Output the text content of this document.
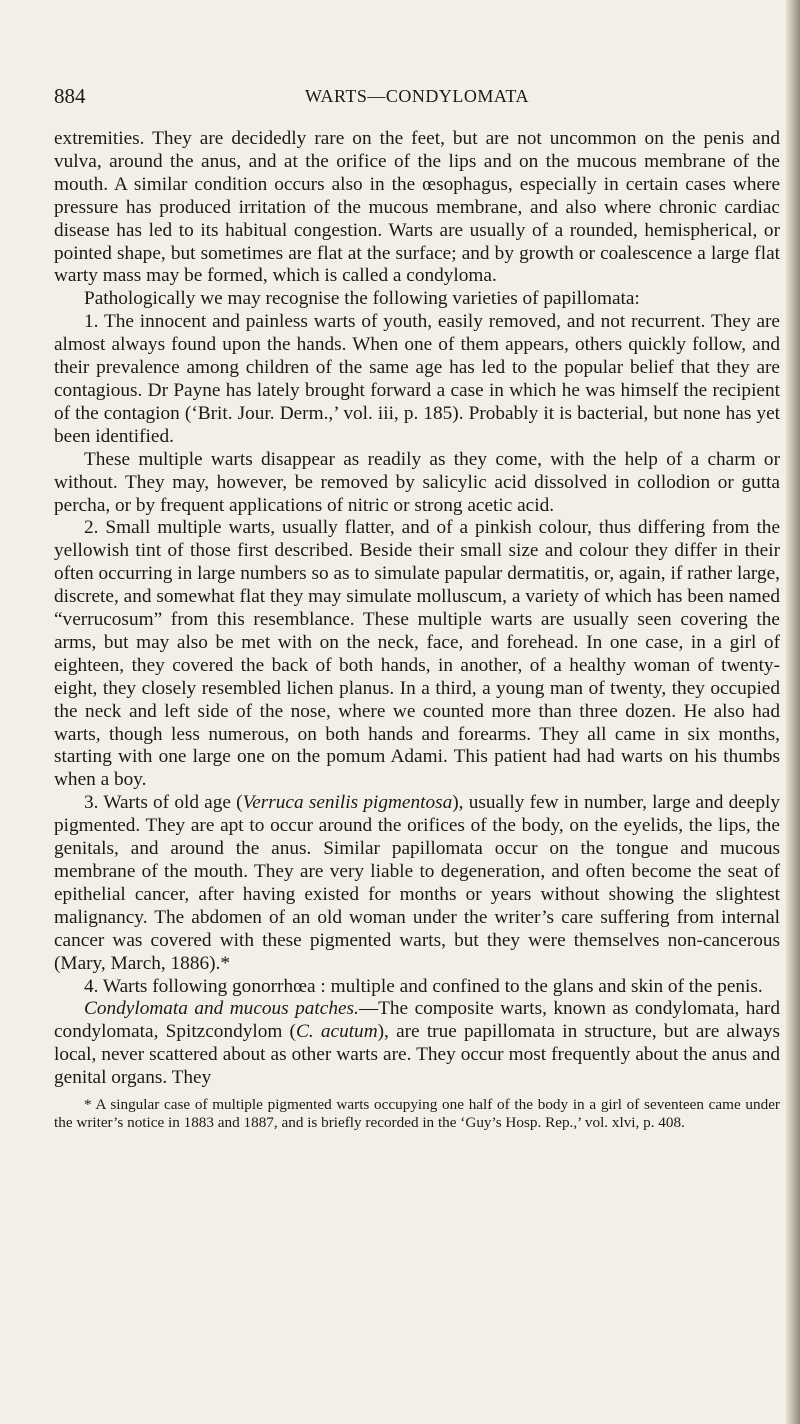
884	WARTS—CONDYLOMATA

extremities. They are decidedly rare on the feet, but are not uncommon on the penis and vulva, around the anus, and at the orifice of the lips and on the mucous membrane of the mouth. A similar condition occurs also in the œsophagus, especially in certain cases where pressure has produced irritation of the mucous membrane, and also where chronic cardiac disease has led to its habitual congestion. Warts are usually of a rounded, hemispherical, or pointed shape, but sometimes are flat at the surface; and by growth or coalescence a large flat warty mass may be formed, which is called a condyloma.

Pathologically we may recognise the following varieties of papillomata:

1. The innocent and painless warts of youth, easily removed, and not recurrent. They are almost always found upon the hands. When one of them appears, others quickly follow, and their prevalence among children of the same age has led to the popular belief that they are contagious. Dr Payne has lately brought forward a case in which he was himself the recipient of the contagion (‘Brit. Jour. Derm.,’ vol. iii, p. 185). Probably it is bacterial, but none has yet been identified.

These multiple warts disappear as readily as they come, with the help of a charm or without. They may, however, be removed by salicylic acid dissolved in collodion or gutta percha, or by frequent applications of nitric or strong acetic acid.

2. Small multiple warts, usually flatter, and of a pinkish colour, thus differing from the yellowish tint of those first described. Beside their small size and colour they differ in their often occurring in large numbers so as to simulate papular dermatitis, or, again, if rather large, discrete, and somewhat flat they may simulate molluscum, a variety of which has been named “verrucosum” from this resemblance. These multiple warts are usually seen covering the arms, but may also be met with on the neck, face, and forehead. In one case, in a girl of eighteen, they covered the back of both hands, in another, of a healthy woman of twenty-eight, they closely resembled lichen planus. In a third, a young man of twenty, they occupied the neck and left side of the nose, where we counted more than three dozen. He also had warts, though less numerous, on both hands and forearms. They all came in six months, starting with one large one on the pomum Adami. This patient had had warts on his thumbs when a boy.

3. Warts of old age (Verruca senilis pigmentosa), usually few in number, large and deeply pigmented. They are apt to occur around the orifices of the body, on the eyelids, the lips, the genitals, and around the anus. Similar papillomata occur on the tongue and mucous membrane of the mouth. They are very liable to degeneration, and often become the seat of epithelial cancer, after having existed for months or years without showing the slightest malignancy. The abdomen of an old woman under the writer’s care suffering from internal cancer was covered with these pigmented warts, but they were themselves non-cancerous (Mary, March, 1886).*

4. Warts following gonorrhœa : multiple and confined to the glans and skin of the penis.

Condylomata and mucous patches.—The composite warts, known as condylomata, hard condylomata, Spitzcondylom (C. acutum), are true papillomata in structure, but are always local, never scattered about as other warts are. They occur most frequently about the anus and genital organs. They

* A singular case of multiple pigmented warts occupying one half of the body in a girl of seventeen came under the writer’s notice in 1883 and 1887, and is briefly recorded in the ‘Guy’s Hosp. Rep.,’ vol. xlvi, p. 408.
